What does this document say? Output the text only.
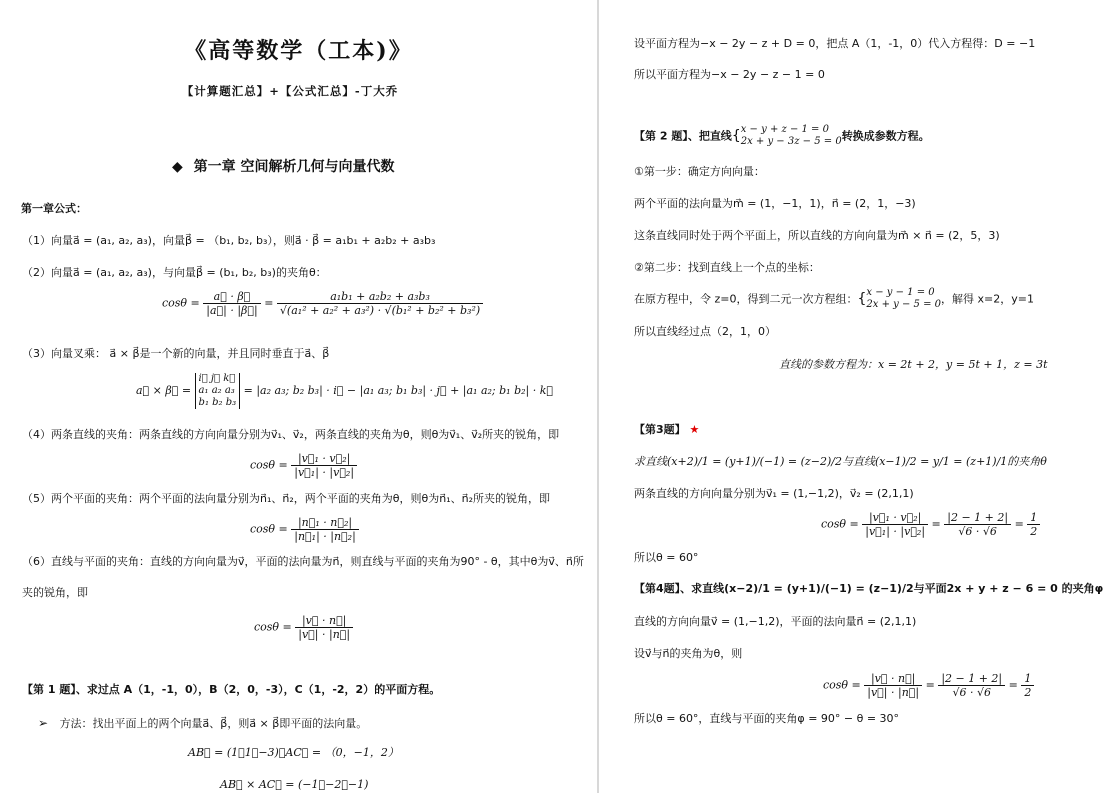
《高等数学（工本)》
【计算题汇总】+【公式汇总】-丁大乔
◆ 第一章 空间解析几何与向量代数
第一章公式：
（1）向量a⃗ = (a₁, a₂, a₃)，向量β⃗ = （b₁, b₂, b₃），则a⃗ · β⃗ = a₁b₁ + a₂b₂ + a₃b₃
（2）向量a⃗ = (a₁, a₂, a₃)，与向量β⃗ = (b₁, b₂, b₃)的夹角θ：
$\cos\theta = \frac{a⃗ \cdot \beta⃗}{|a⃗| \cdot |\beta⃗|} = \frac{\text{a₁b₁ + a₂b₂ + a₃b₃}}{\text{√(a₁² + a₂² + a₃²) · √(b₁² + b₂² + b₃²)}}$
（3）向量叉乘： a⃗ × β⃗是一个新的向量，并且同时垂直于a⃗、β⃗
a⃗ × β⃗ =
i⃗ j⃗ k⃗
a₁ a₂ a₃
b₁ b₂ b₃
= |a₂ a₃; b₂ b₃| · i⃗ − |a₁ a₃; b₁ b₃| · j⃗ + |a₁ a₂; b₁ b₂| · k⃗
（4）两条直线的夹角：两条直线的方向向量分别为v⃗₁、v⃗₂，两条直线的夹角为θ，则θ为v⃗₁、v⃗₂所夹的锐角，即
$\cos\theta = \frac{\text{|v⃗₁ · v⃗₂|}}{\text{|v⃗₁| · |v⃗₂|}}$
（5）两个平面的夹角：两个平面的法向量分别为n⃗₁、n⃗₂，两个平面的夹角为θ，则θ为n⃗₁、n⃗₂所夹的锐角，即
$\cos\theta = \frac{\text{|n⃗₁ · n⃗₂|}}{\text{|n⃗₁| · |n⃗₂|}}$
（6）直线与平面的夹角：直线的方向向量为v⃗，平面的法向量为n⃗，则直线与平面的夹角为90° - θ，其中θ为v⃗、n⃗所
夹的锐角，即
$\cos\theta = \frac{|v⃗ \cdot n⃗|}{|v⃗| \cdot |n⃗|}$
【第 1 题】、求过点 A（1，-1，0），B（2，0，-3），C（1，-2，2）的平面方程。
➢ 方法：找出平面上的两个向量a⃗、β⃗，则a⃗ × β⃗即平面的法向量。
AB⃗ = (1，1，−3)，AC⃗ = （0，−1，2）
AB⃗ × AC⃗ = (−1，−2，−1)
设平面方程为−x − 2y − z + D = 0，把点 A（1，-1，0）代入方程得：D = −1
所以平面方程为−x − 2y − z − 1 = 0
【第 2 题】、把直线{ x − y + z − 1 = 0
2x + y − 3z − 5 = 0 转换成参数方程。
①第一步：确定方向向量：
两个平面的法向量为m⃗ = (1，−1，1)，n⃗ = (2，1，−3)
这条直线同时处于两个平面上，所以直线的方向向量为m⃗ × n⃗ = (2，5，3)
②第二步：找到直线上一个点的坐标：
在原方程中，令 z=0，得到二元一次方程组：{ x − y − 1 = 0
2x + y − 5 = 0 ，解得 x=2，y=1
所以直线经过点（2，1，0）
直线的参数方程为：x = 2t + 2，y = 5t + 1，z = 3t
【第3题】 ★
求直线(x+2)/1 = (y+1)/(−1) = (z−2)/2与直线(x−1)/2 = y/1 = (z+1)/1的夹角θ
两条直线的方向向量分别为v⃗₁ = (1,−1,2)，v⃗₂ = (2,1,1)
$\cos\theta = \frac{\text{|v⃗₁ · v⃗₂|}}{\text{|v⃗₁| · |v⃗₂|}} = \frac{|2 - 1 + 2|}{√6 \cdot √6} = \frac{1}{2}$
所以θ = 60°
【第4题】、求直线(x−2)/1 = (y+1)/(−1) = (z−1)/2与平面2x + y + z − 6 = 0 的夹角φ
直线的方向向量v⃗ = (1,−1,2)，平面的法向量n⃗ = (2,1,1)
设v⃗与n⃗的夹角为θ，则
$\cos\theta = \frac{|v⃗ \cdot n⃗|}{|v⃗| \cdot |n⃗|} = \frac{|2 - 1 + 2|}{√6 \cdot √6} = \frac{1}{2}$
所以θ = 60°，直线与平面的夹角φ = 90° − θ = 30°
